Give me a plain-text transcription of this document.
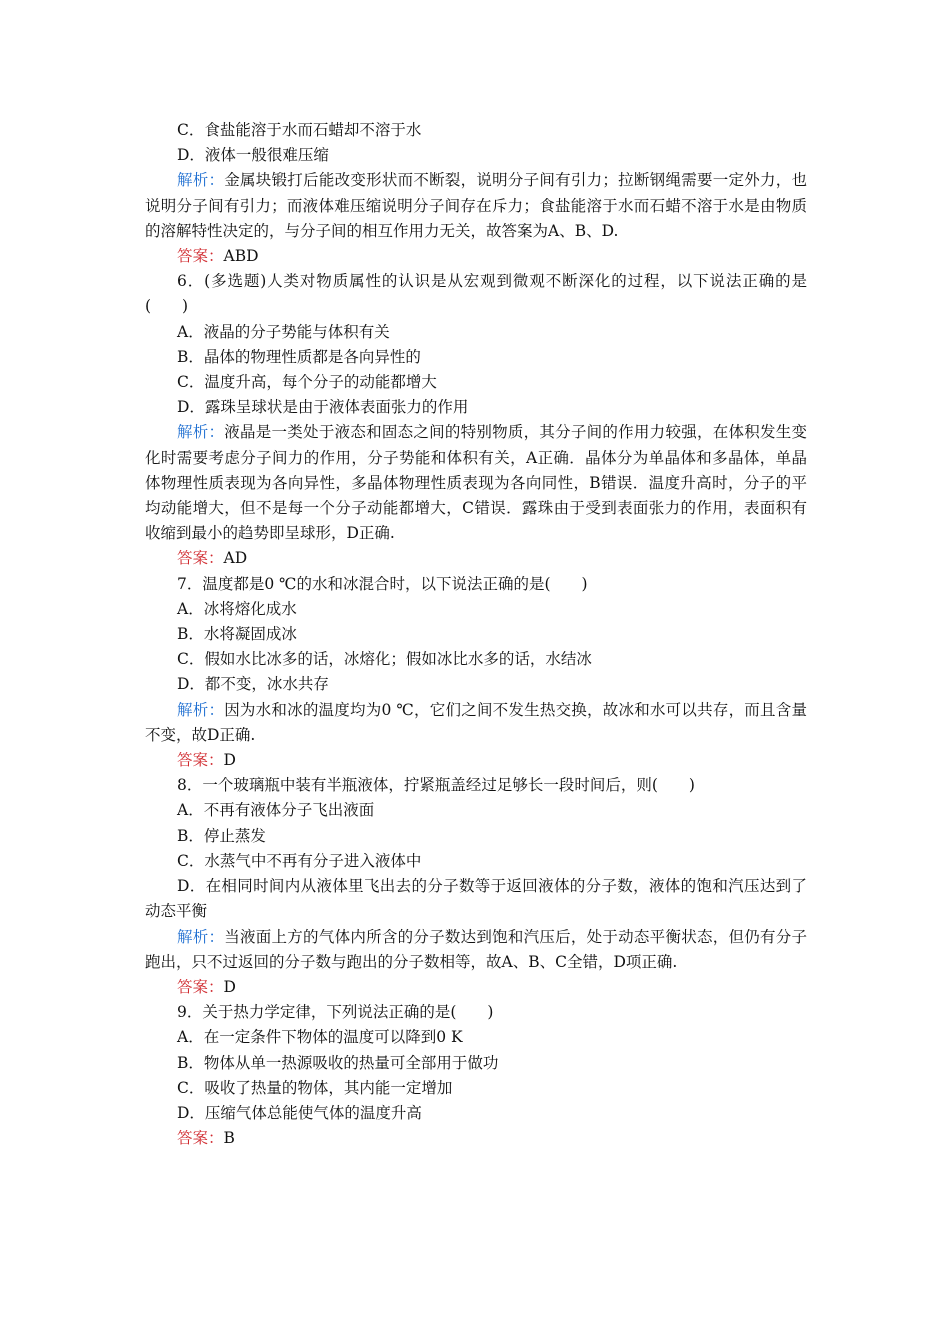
C．食盐能溶于水而石蜡却不溶于水

D．液体一般很难压缩

解析：金属块锻打后能改变形状而不断裂，说明分子间有引力；拉断钢绳需要一定外力，也说明分子间有引力；而液体难压缩说明分子间存在斥力；食盐能溶于水而石蜡不溶于水是由物质的溶解特性决定的，与分子间的相互作用力无关，故答案为A、B、D.

答案：ABD

6．(多选题)人类对物质属性的认识是从宏观到微观不断深化的过程，以下说法正确的是(　　)

A．液晶的分子势能与体积有关

B．晶体的物理性质都是各向异性的

C．温度升高，每个分子的动能都增大

D．露珠呈球状是由于液体表面张力的作用

解析：液晶是一类处于液态和固态之间的特别物质，其分子间的作用力较强，在体积发生变化时需要考虑分子间力的作用，分子势能和体积有关，A正确．晶体分为单晶体和多晶体，单晶体物理性质表现为各向异性，多晶体物理性质表现为各向同性，B错误．温度升高时，分子的平均动能增大，但不是每一个分子动能都增大，C错误．露珠由于受到表面张力的作用，表面积有收缩到最小的趋势即呈球形，D正确.

答案：AD

7．温度都是0 ℃的水和冰混合时，以下说法正确的是(　　)

A．冰将熔化成水

B．水将凝固成冰

C．假如水比冰多的话，冰熔化；假如冰比水多的话，水结冰

D．都不变，冰水共存

解析：因为水和冰的温度均为0 ℃，它们之间不发生热交换，故冰和水可以共存，而且含量不变，故D正确.

答案：D

8．一个玻璃瓶中装有半瓶液体，拧紧瓶盖经过足够长一段时间后，则(　　)

A．不再有液体分子飞出液面

B．停止蒸发

C．水蒸气中不再有分子进入液体中

D．在相同时间内从液体里飞出去的分子数等于返回液体的分子数，液体的饱和汽压达到了动态平衡

解析：当液面上方的气体内所含的分子数达到饱和汽压后，处于动态平衡状态，但仍有分子跑出，只不过返回的分子数与跑出的分子数相等，故A、B、C全错，D项正确.

答案：D

9．关于热力学定律，下列说法正确的是(　　)

A．在一定条件下物体的温度可以降到0 K

B．物体从单一热源吸收的热量可全部用于做功

C．吸收了热量的物体，其内能一定增加

D．压缩气体总能使气体的温度升高

答案：B
